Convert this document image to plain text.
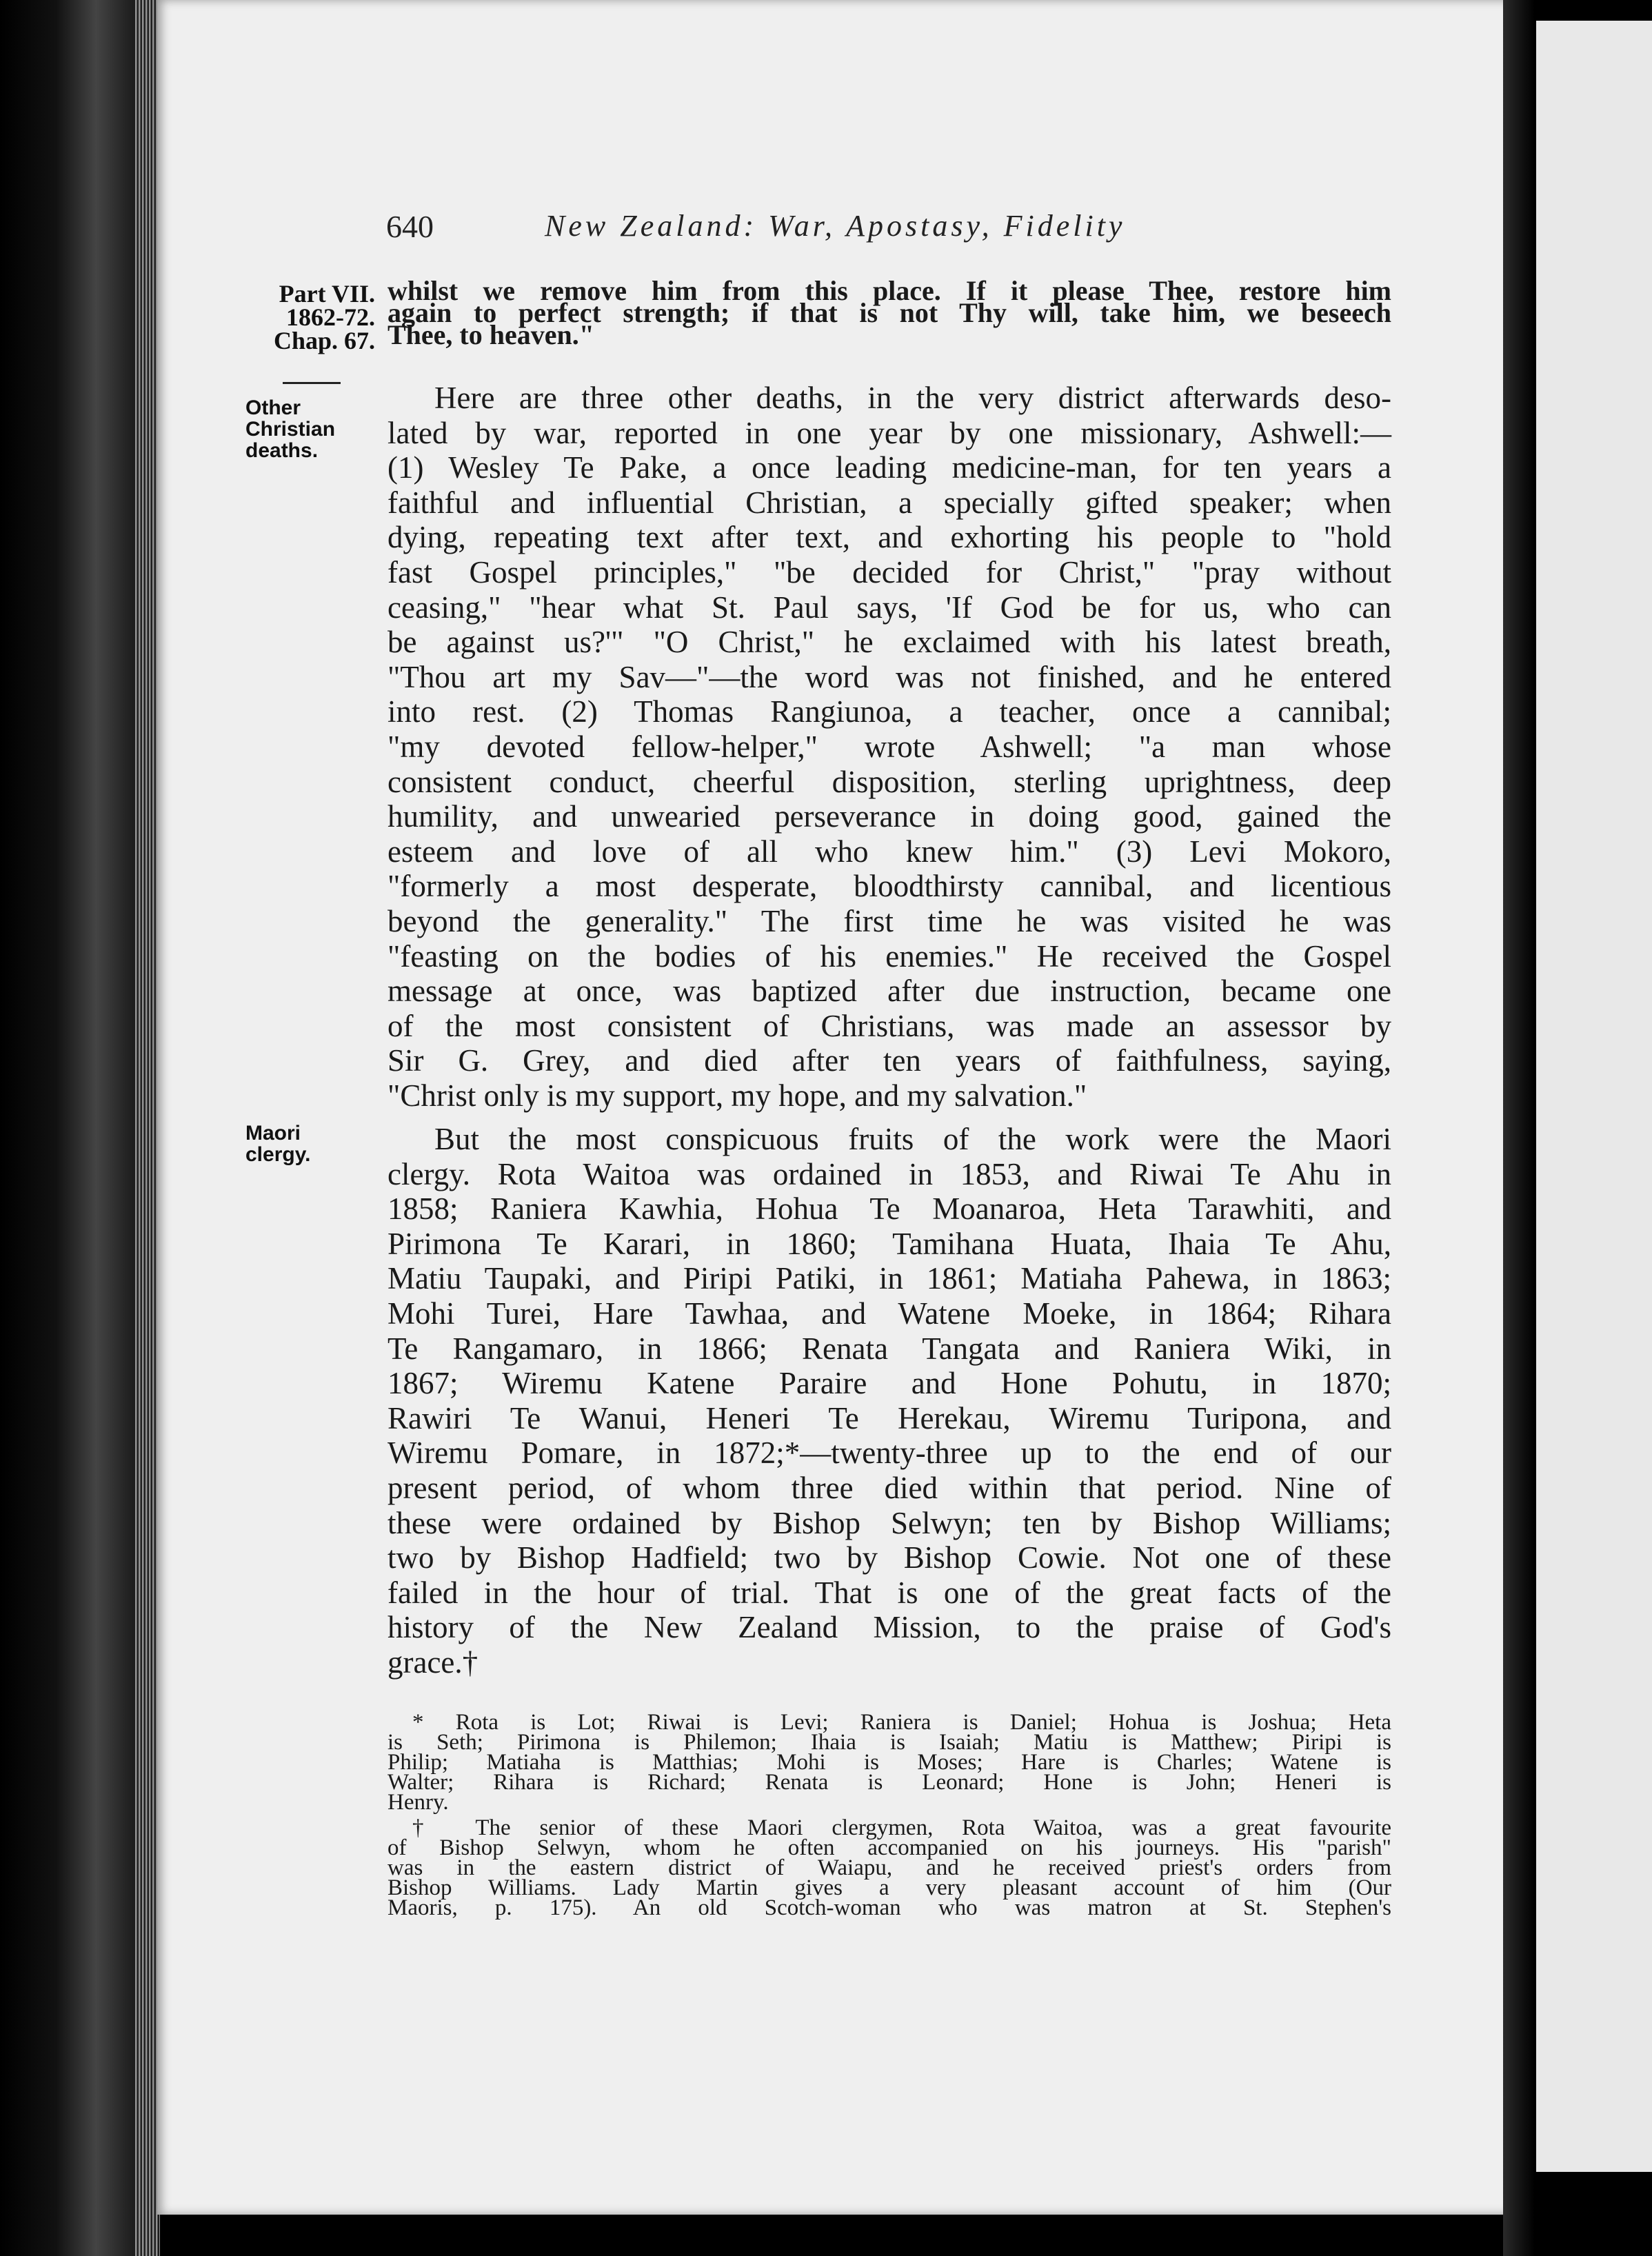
640	New Zealand: War, Apostasy, Fidelity
Part VII.
1862-72.
Chap. 67.
Other
Christian
deaths.
Maori
clergy.
whilst we remove him from this place. If it please Thee, restore him
again to perfect strength; if that is not Thy will, take him, we beseech
Thee, to heaven."
Here are three other deaths, in the very district afterwards deso-
lated by war, reported in one year by one missionary, Ashwell:—
(1) Wesley Te Pake, a once leading medicine-man, for ten years a
faithful and influential Christian, a specially gifted speaker; when
dying, repeating text after text, and exhorting his people to "hold
fast Gospel principles," "be decided for Christ," "pray without
ceasing," "hear what St. Paul says, 'If God be for us, who can
be against us?'" "O Christ," he exclaimed with his latest breath,
"Thou art my Sav—"—the word was not finished, and he entered
into rest. (2) Thomas Rangiunoa, a teacher, once a cannibal;
"my devoted fellow-helper," wrote Ashwell; "a man whose
consistent conduct, cheerful disposition, sterling uprightness, deep
humility, and unwearied perseverance in doing good, gained the
esteem and love of all who knew him." (3) Levi Mokoro,
"formerly a most desperate, bloodthirsty cannibal, and licentious
beyond the generality." The first time he was visited he was
"feasting on the bodies of his enemies." He received the Gospel
message at once, was baptized after due instruction, became one
of the most consistent of Christians, was made an assessor by
Sir G. Grey, and died after ten years of faithfulness, saying,
"Christ only is my support, my hope, and my salvation."
But the most conspicuous fruits of the work were the Maori
clergy. Rota Waitoa was ordained in 1853, and Riwai Te Ahu in
1858; Raniera Kawhia, Hohua Te Moanaroa, Heta Tarawhiti, and
Pirimona Te Karari, in 1860; Tamihana Huata, Ihaia Te Ahu,
Matiu Taupaki, and Piripi Patiki, in 1861; Matiaha Pahewa, in 1863;
Mohi Turei, Hare Tawhaa, and Watene Moeke, in 1864; Rihara
Te Rangamaro, in 1866; Renata Tangata and Raniera Wiki, in
1867; Wiremu Katene Paraire and Hone Pohutu, in 1870;
Rawiri Te Wanui, Heneri Te Herekau, Wiremu Turipona, and
Wiremu Pomare, in 1872;*—twenty-three up to the end of our
present period, of whom three died within that period. Nine of
these were ordained by Bishop Selwyn; ten by Bishop Williams;
two by Bishop Hadfield; two by Bishop Cowie. Not one of these
failed in the hour of trial. That is one of the great facts of the
history of the New Zealand Mission, to the praise of God's
grace.†
* Rota is Lot; Riwai is Levi; Raniera is Daniel; Hohua is Joshua; Heta
is Seth; Pirimona is Philemon; Ihaia is Isaiah; Matiu is Matthew; Piripi is
Philip; Matiaha is Matthias; Mohi is Moses; Hare is Charles; Watene is
Walter; Rihara is Richard; Renata is Leonard; Hone is John; Heneri is
Henry.
† The senior of these Maori clergymen, Rota Waitoa, was a great favourite
of Bishop Selwyn, whom he often accompanied on his journeys. His "parish"
was in the eastern district of Waiapu, and he received priest's orders from
Bishop Williams. Lady Martin gives a very pleasant account of him (Our
Maoris, p. 175). An old Scotch-woman who was matron at St. Stephen's
